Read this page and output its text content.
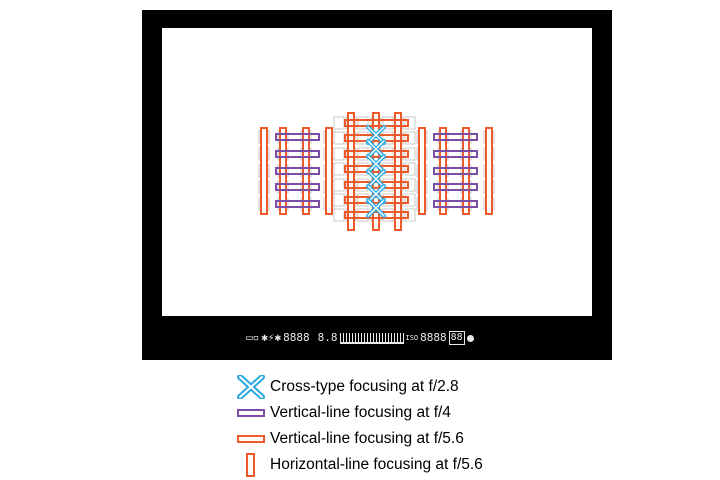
▭▫ ✱⚡✱ 8888 8.8	ISO 8888 88
Cross-type focusing at f/2.8
Vertical-line focusing at f/4
Vertical-line focusing at f/5.6
Horizontal-line focusing at f/5.6
